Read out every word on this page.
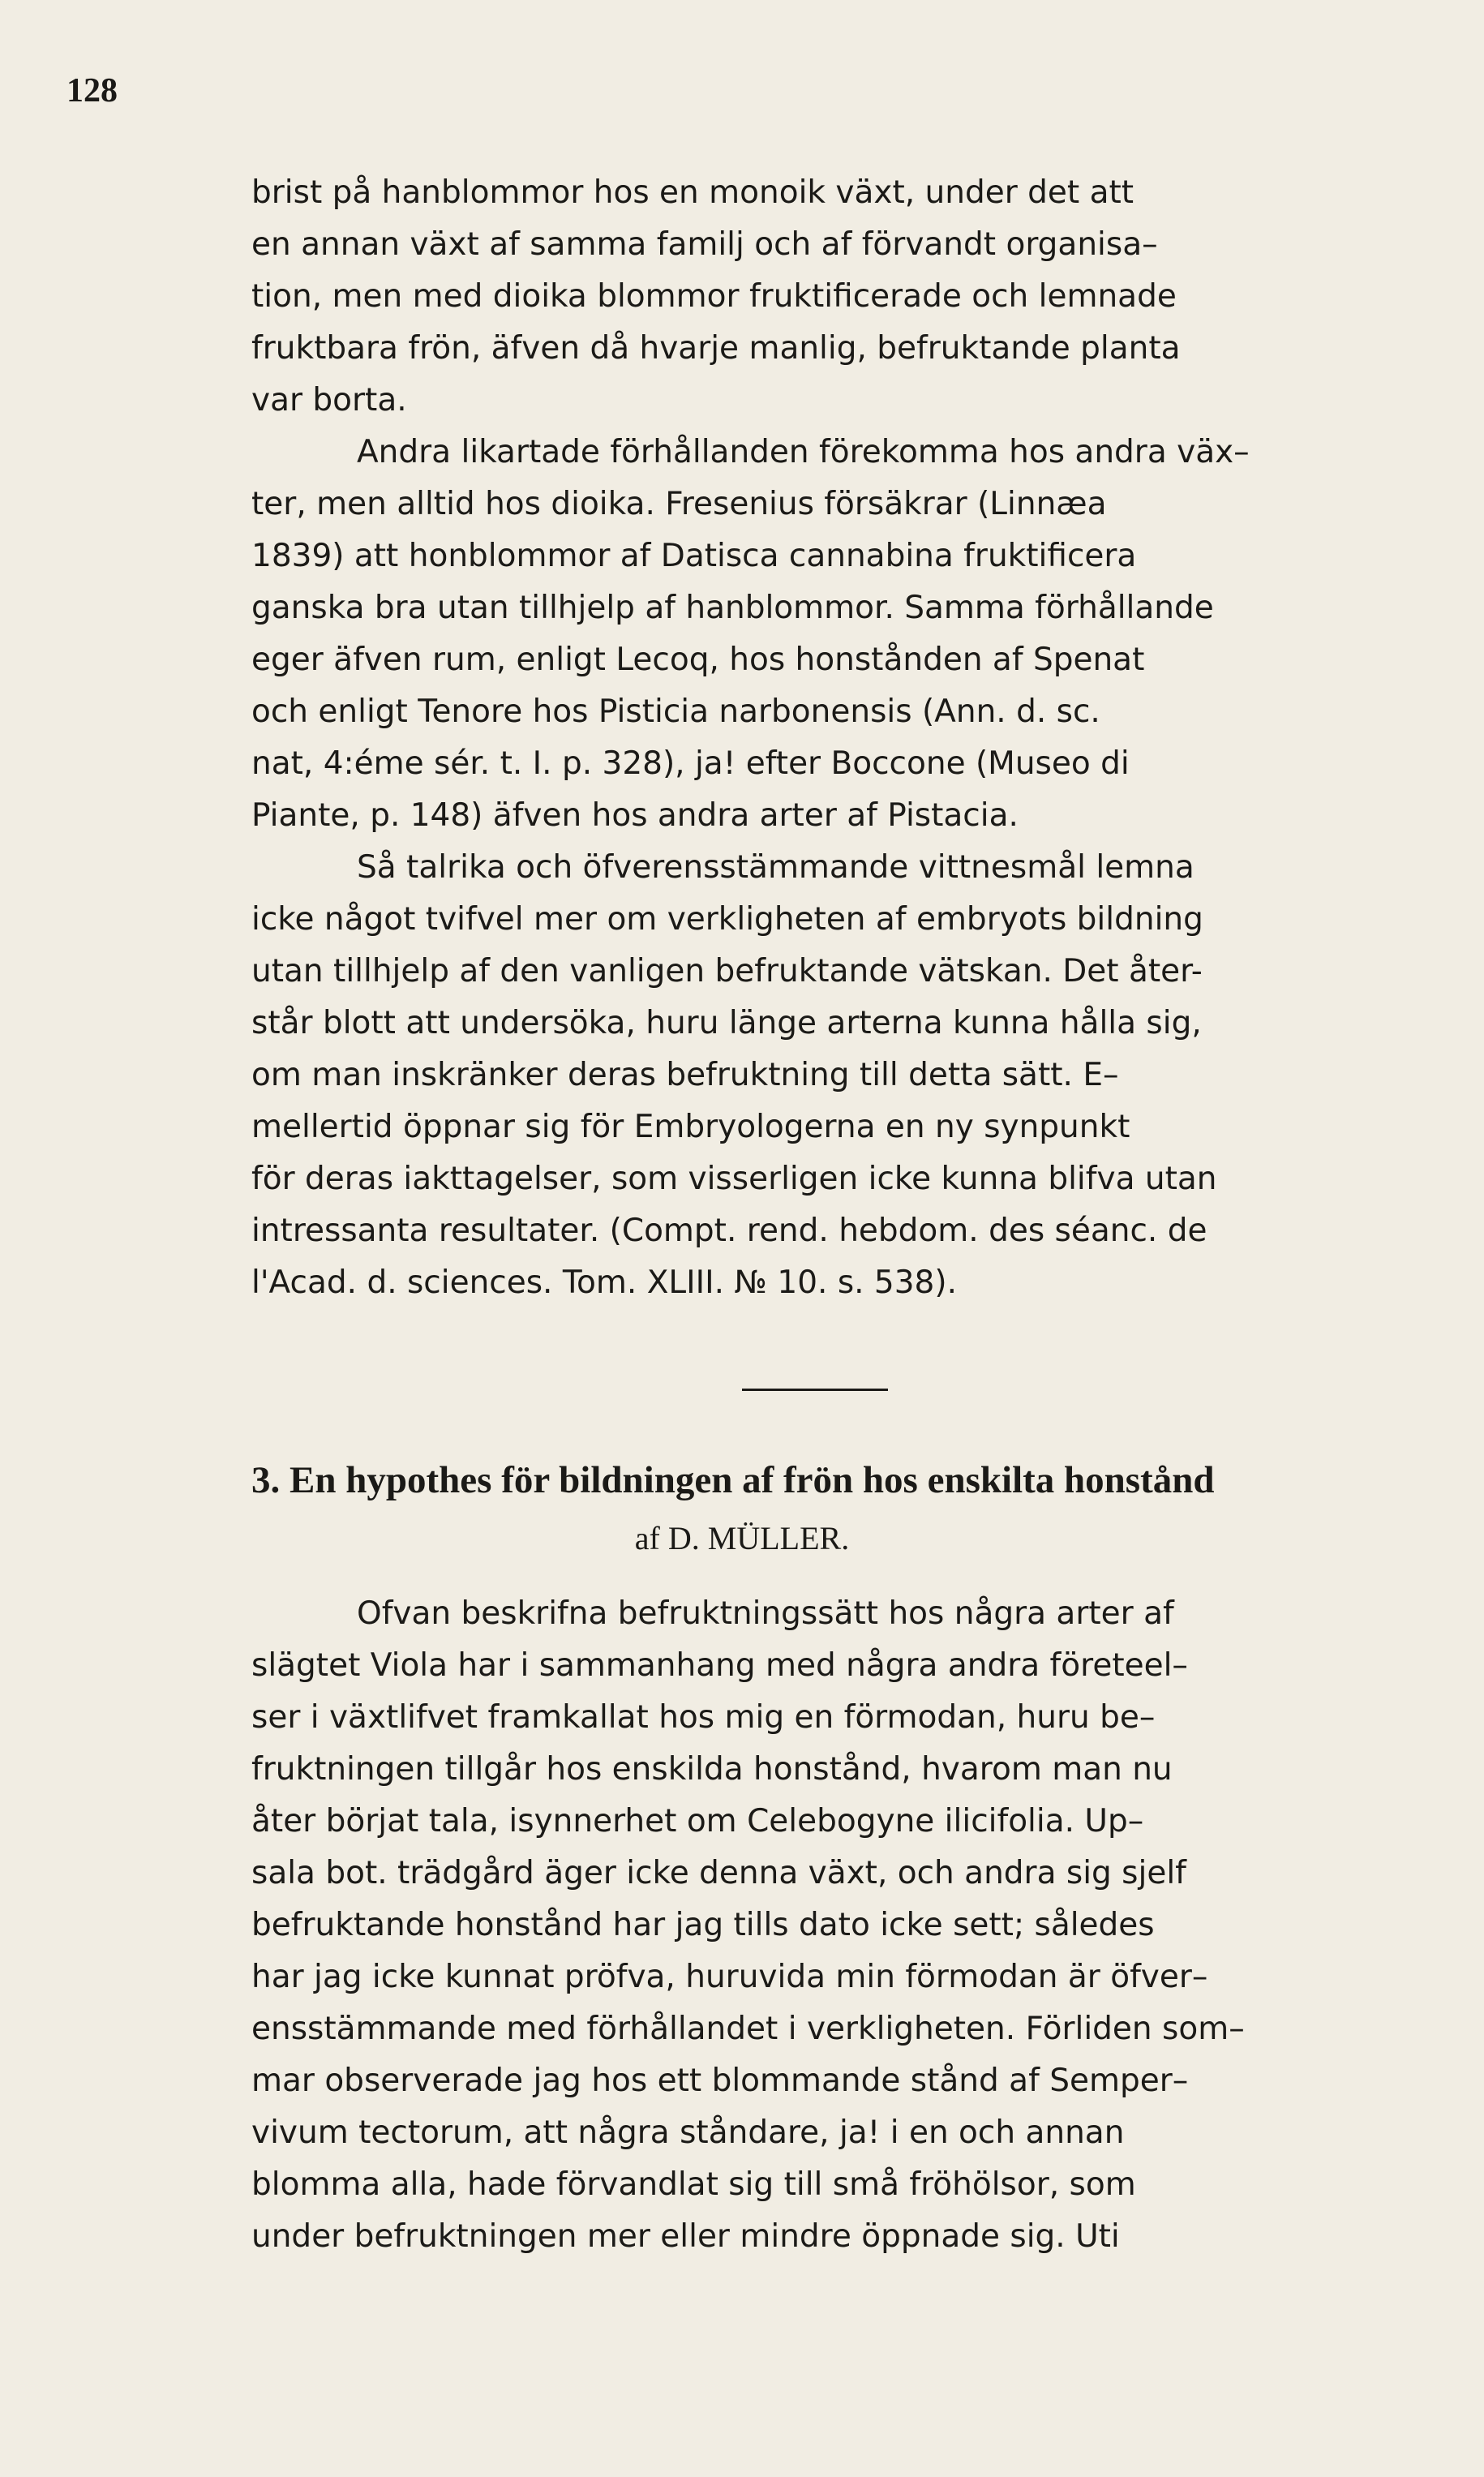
128
brist på hanblommor hos en monoik växt, under det att
en annan växt af samma familj och af förvandt organisa–
tion, men med dioika blommor fruktificerade och lemnade
fruktbara frön, äfven då hvarje manlig, befruktande planta
var borta.
Andra likartade förhållanden förekomma hos andra väx–
ter, men alltid hos dioika. Fresenius försäkrar (Linnæa
1839) att honblommor af Datisca cannabina fruktificera
ganska bra utan tillhjelp af hanblommor. Samma förhållande
eger äfven rum, enligt Lecoq, hos honstånden af Spenat
och enligt Tenore hos Pisticia narbonensis (Ann. d. sc.
nat, 4:éme sér. t. I. p. 328), ja! efter Boccone (Museo di
Piante, p. 148) äfven hos andra arter af Pistacia.
Så talrika och öfverensstämmande vittnesmål lemna
icke något tvifvel mer om verkligheten af embryots bildning
utan tillhjelp af den vanligen befruktande vätskan. Det åter-
står blott att undersöka, huru länge arterna kunna hålla sig,
om man inskränker deras befruktning till detta sätt. E–
mellertid öppnar sig för Embryologerna en ny synpunkt
för deras iakttagelser, som visserligen icke kunna blifva utan
intressanta resultater. (Compt. rend. hebdom. des séanc. de
l'Acad. d. sciences. Tom. XLIII. № 10. s. 538).
3. En hypothes för bildningen af frön hos enskilta honstånd
af D. MÜLLER.
Ofvan beskrifna befruktningssätt hos några arter af
slägtet Viola har i sammanhang med några andra företeel–
ser i växtlifvet framkallat hos mig en förmodan, huru be–
fruktningen tillgår hos enskilda honstånd, hvarom man nu
åter börjat tala, isynnerhet om Celebogyne ilicifolia. Up–
sala bot. trädgård äger icke denna växt, och andra sig sjelf
befruktande honstånd har jag tills dato icke sett; således
har jag icke kunnat pröfva, huruvida min förmodan är öfver–
ensstämmande med förhållandet i verkligheten. Förliden som–
mar observerade jag hos ett blommande stånd af Semper–
vivum tectorum, att några ståndare, ja! i en och annan
blomma alla, hade förvandlat sig till små fröhölsor, som
under befruktningen mer eller mindre öppnade sig. Uti
